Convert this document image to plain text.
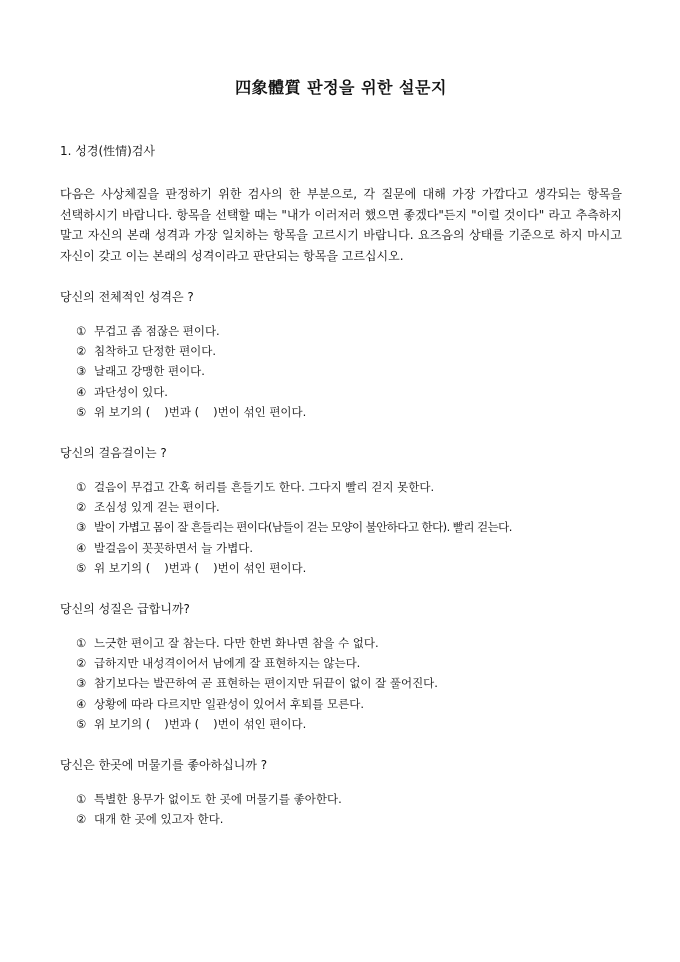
四象體質 판정을 위한 설문지
1. 성경(性情)검사

다음은 사상체질을 판정하기 위한 검사의 한 부분으로, 각 질문에 대해 가장 가깝다고 생각되는 항목을 선택하시기 바랍니다. 항목을 선택할 때는 "내가 이러저러 했으면 좋겠다"든지 "이럴 것이다" 라고 추측하지 말고 자신의 본래 성격과 가장 일치하는 항목을 고르시기 바랍니다. 요즈음의 상태를 기준으로 하지 마시고 자신이 갖고 이는 본래의 성격이라고 판단되는 항목을 고르십시오.

당신의 전체적인 성격은 ?
① 무겁고 좀 점잖은 편이다.
② 침착하고 단정한 편이다.
③ 날래고 강맹한 편이다.
④ 과단성이 있다.
⑤ 위 보기의 ( )번과 ( )번이 섞인 편이다.
당신의 걸음걸이는 ?
① 걸음이 무겁고 간혹 허리를 흔들기도 한다. 그다지 빨리 걷지 못한다.
② 조심성 있게 걷는 편이다.
③ 발이 가볍고 몸이 잘 흔들리는 편이다(남들이 걷는 모양이 불안하다고 한다). 빨리 걷는다.
④ 발걸음이 꼿꼿하면서 늘 가볍다.
⑤ 위 보기의 ( )번과 ( )번이 섞인 편이다.
당신의 성질은 급합니까?
① 느긋한 편이고 잘 참는다. 다만 한번 화나면 참을 수 없다.
② 급하지만 내성격이어서 남에게 잘 표현하지는 않는다.
③ 참기보다는 발끈하여 곧 표현하는 편이지만 뒤끝이 없이 잘 풀어진다.
④ 상황에 따라 다르지만 일관성이 있어서 후퇴를 모른다.
⑤ 위 보기의 ( )번과 ( )번이 섞인 편이다.
당신은 한곳에 머물기를 좋아하십니까 ?
① 특별한 용무가 없이도 한 곳에 머물기를 좋아한다.
② 대개 한 곳에 있고자 한다.
